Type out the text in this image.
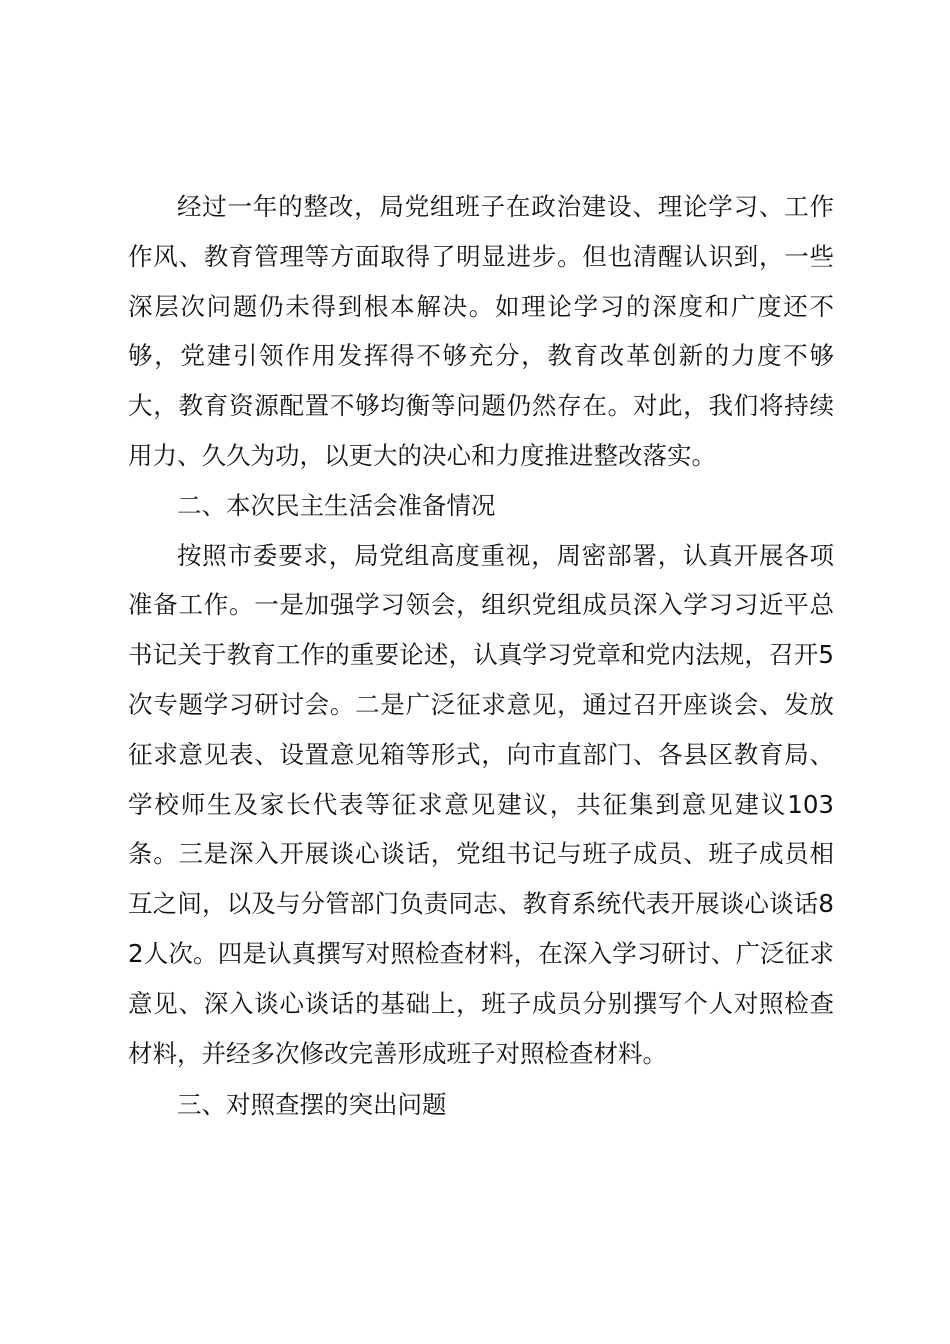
经过一年的整改，局党组班子在政治建设、理论学习、工作作风、教育管理等方面取得了明显进步。但也清醒认识到，一些深层次问题仍未得到根本解决。如理论学习的深度和广度还不够，党建引领作用发挥得不够充分，教育改革创新的力度不够大，教育资源配置不够均衡等问题仍然存在。对此，我们将持续用力、久久为功，以更大的决心和力度推进整改落实。

二、本次民主生活会准备情况

按照市委要求，局党组高度重视，周密部署，认真开展各项准备工作。一是加强学习领会，组织党组成员深入学习习近平总书记关于教育工作的重要论述，认真学习党章和党内法规，召开5次专题学习研讨会。二是广泛征求意见，通过召开座谈会、发放征求意见表、设置意见箱等形式，向市直部门、各县区教育局、学校师生及家长代表等征求意见建议，共征集到意见建议103条。三是深入开展谈心谈话，党组书记与班子成员、班子成员相互之间，以及与分管部门负责同志、教育系统代表开展谈心谈话82人次。四是认真撰写对照检查材料，在深入学习研讨、广泛征求意见、深入谈心谈话的基础上，班子成员分别撰写个人对照检查材料，并经多次修改完善形成班子对照检查材料。

三、对照查摆的突出问题
